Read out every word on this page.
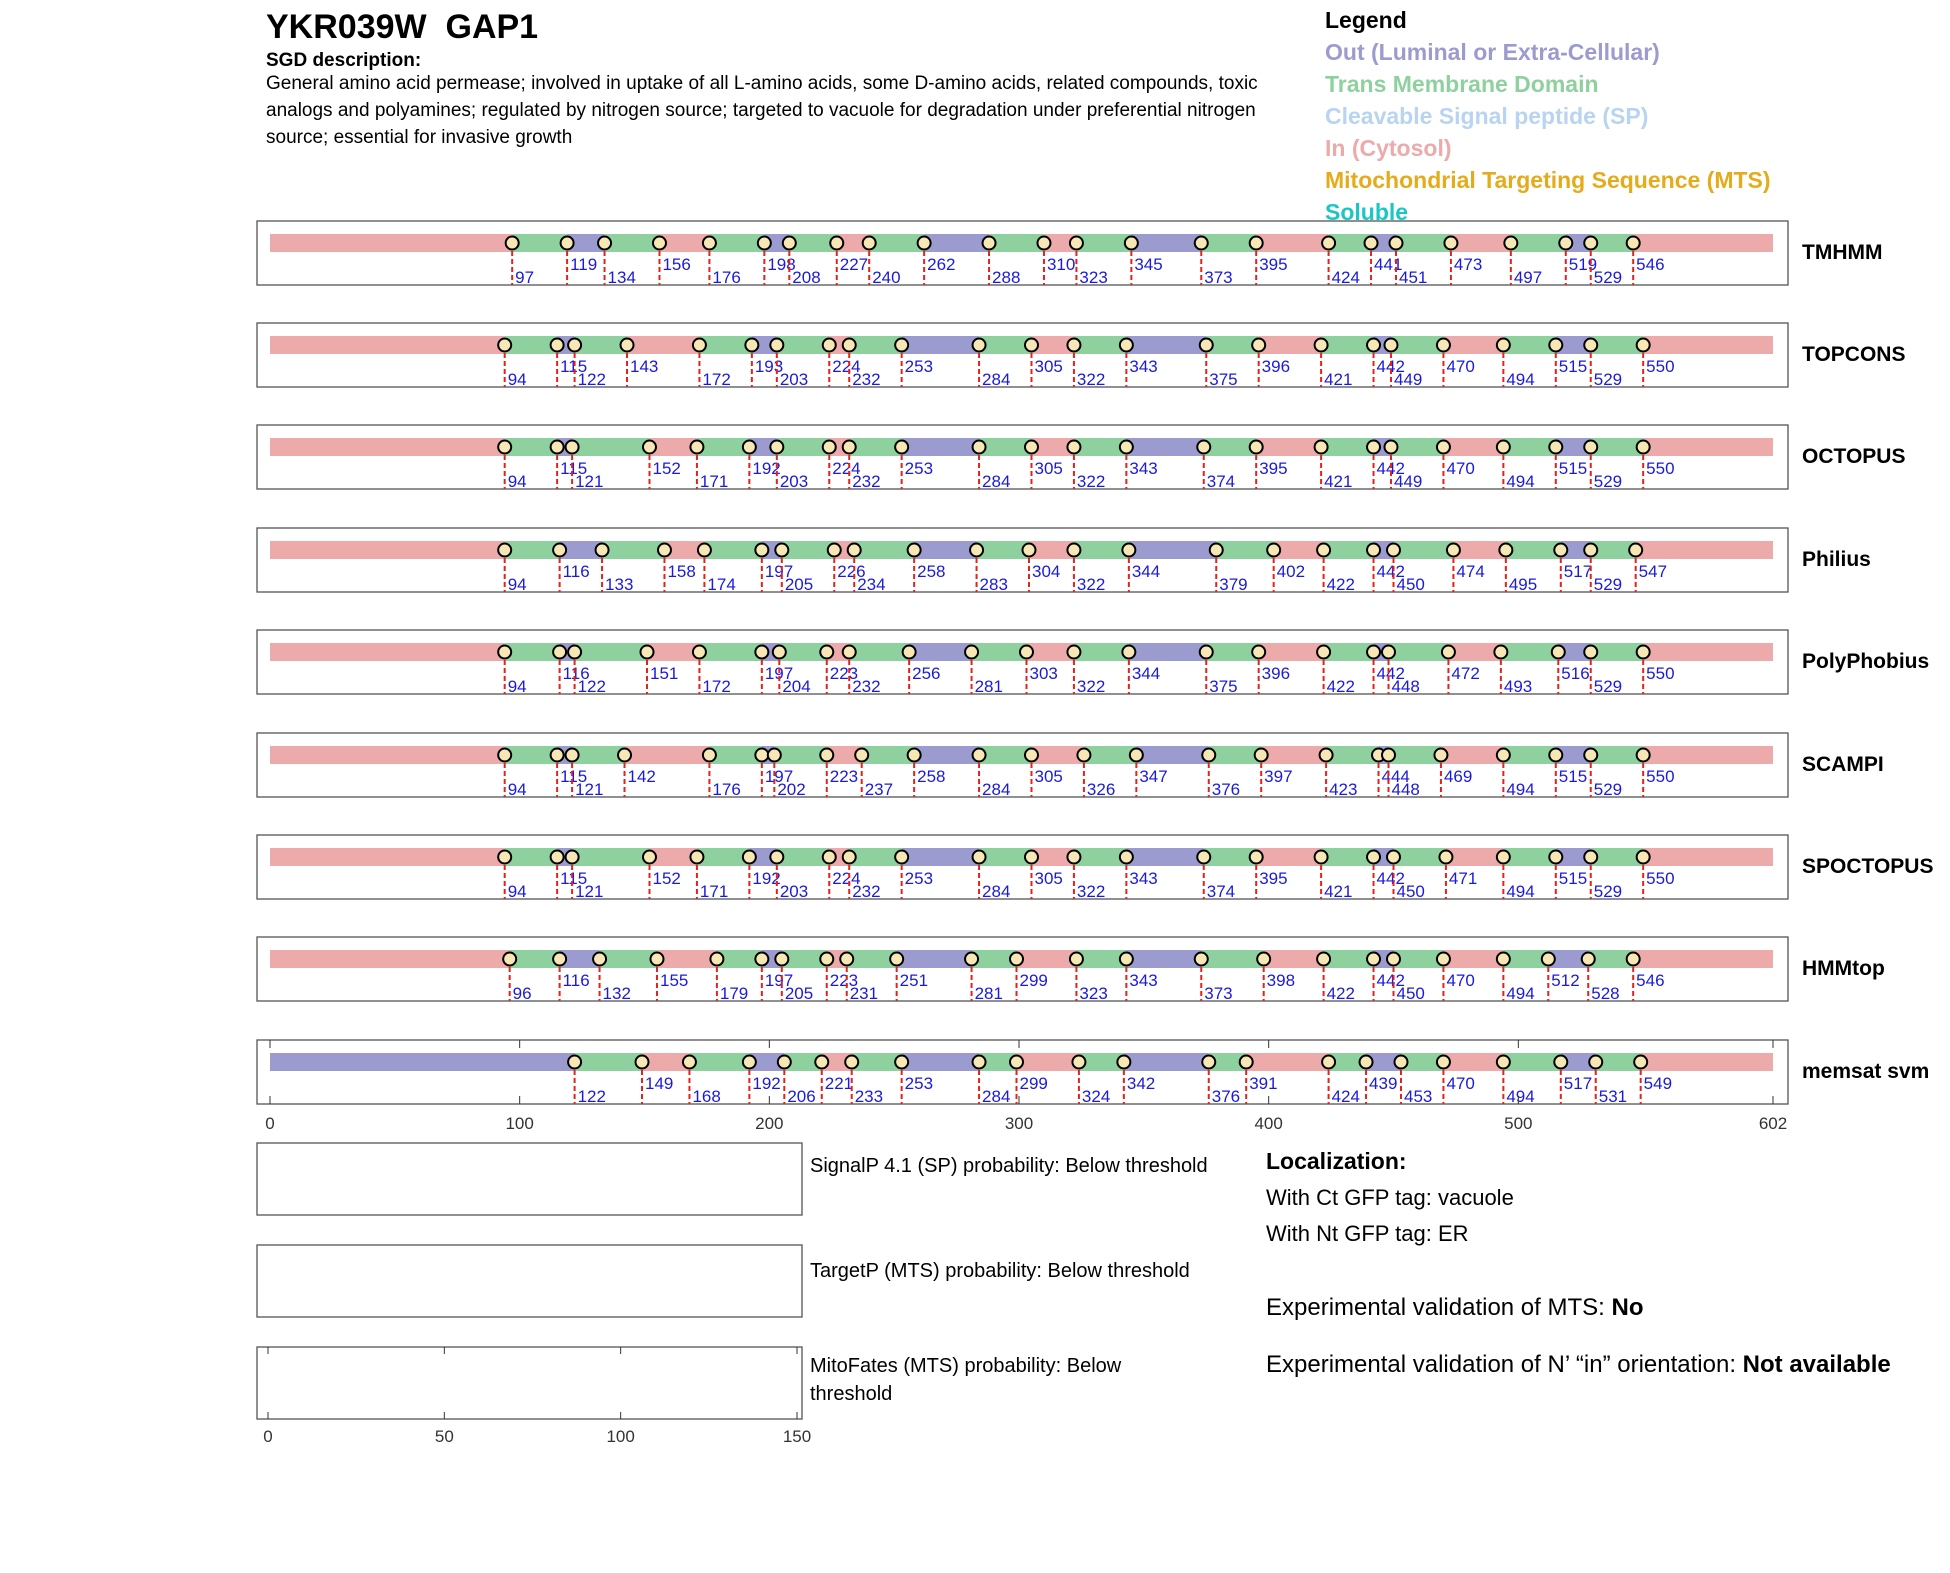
YKR039W  GAP1
SGD description:
General amino acid permease; involved in uptake of all L-amino acids, some D-amino acids, related compounds, toxic analogs and polyamines; regulated by nitrogen source; targeted to vacuole for degradation under preferential nitrogen source; essential for invasive growth
Legend
Out (Luminal or Extra-Cellular)
Trans Membrane Domain
Cleavable Signal peptide (SP)
In (Cytosol)
Mitochondrial Targeting Sequence (MTS)
Soluble
97
119
134
156
176
198
208
227
240
262
288
310
323
345
373
395
424
441
451
473
497
519
529
546
TMHMM
94
115
122
143
172
193
203
224
232
253
284
305
322
343
375
396
421
442
449
470
494
515
529
550
TOPCONS
94
115
121
152
171
192
203
224
232
253
284
305
322
343
374
395
421
442
449
470
494
515
529
550
OCTOPUS
94
116
133
158
174
197
205
226
234
258
283
304
322
344
379
402
422
442
450
474
495
517
529
547
Philius
94
116
122
151
172
197
204
223
232
256
281
303
322
344
375
396
422
442
448
472
493
516
529
550
PolyPhobius
94
115
121
142
176
197
202
223
237
258
284
305
326
347
376
397
423
444
448
469
494
515
529
550
SCAMPI
94
115
121
152
171
192
203
224
232
253
284
305
322
343
374
395
421
442
450
471
494
515
529
550
SPOCTOPUS
96
116
132
155
179
197
205
223
231
251
281
299
323
343
373
398
422
442
450
470
494
512
528
546
HMMtop
122
149
168
192
206
221
233
253
284
299
324
342
376
391
424
439
453
470
494
517
531
549
memsat svm
0	100	200	300	400	500	602
0	50	100	150
SignalP 4.1 (SP) probability: Below threshold
TargetP (MTS) probability: Below threshold
MitoFates (MTS) probability: Below threshold
Localization:
With Ct GFP tag: vacuole
With Nt GFP tag: ER
Experimental validation of MTS: No
Experimental validation of N’ “in” orientation: Not available
